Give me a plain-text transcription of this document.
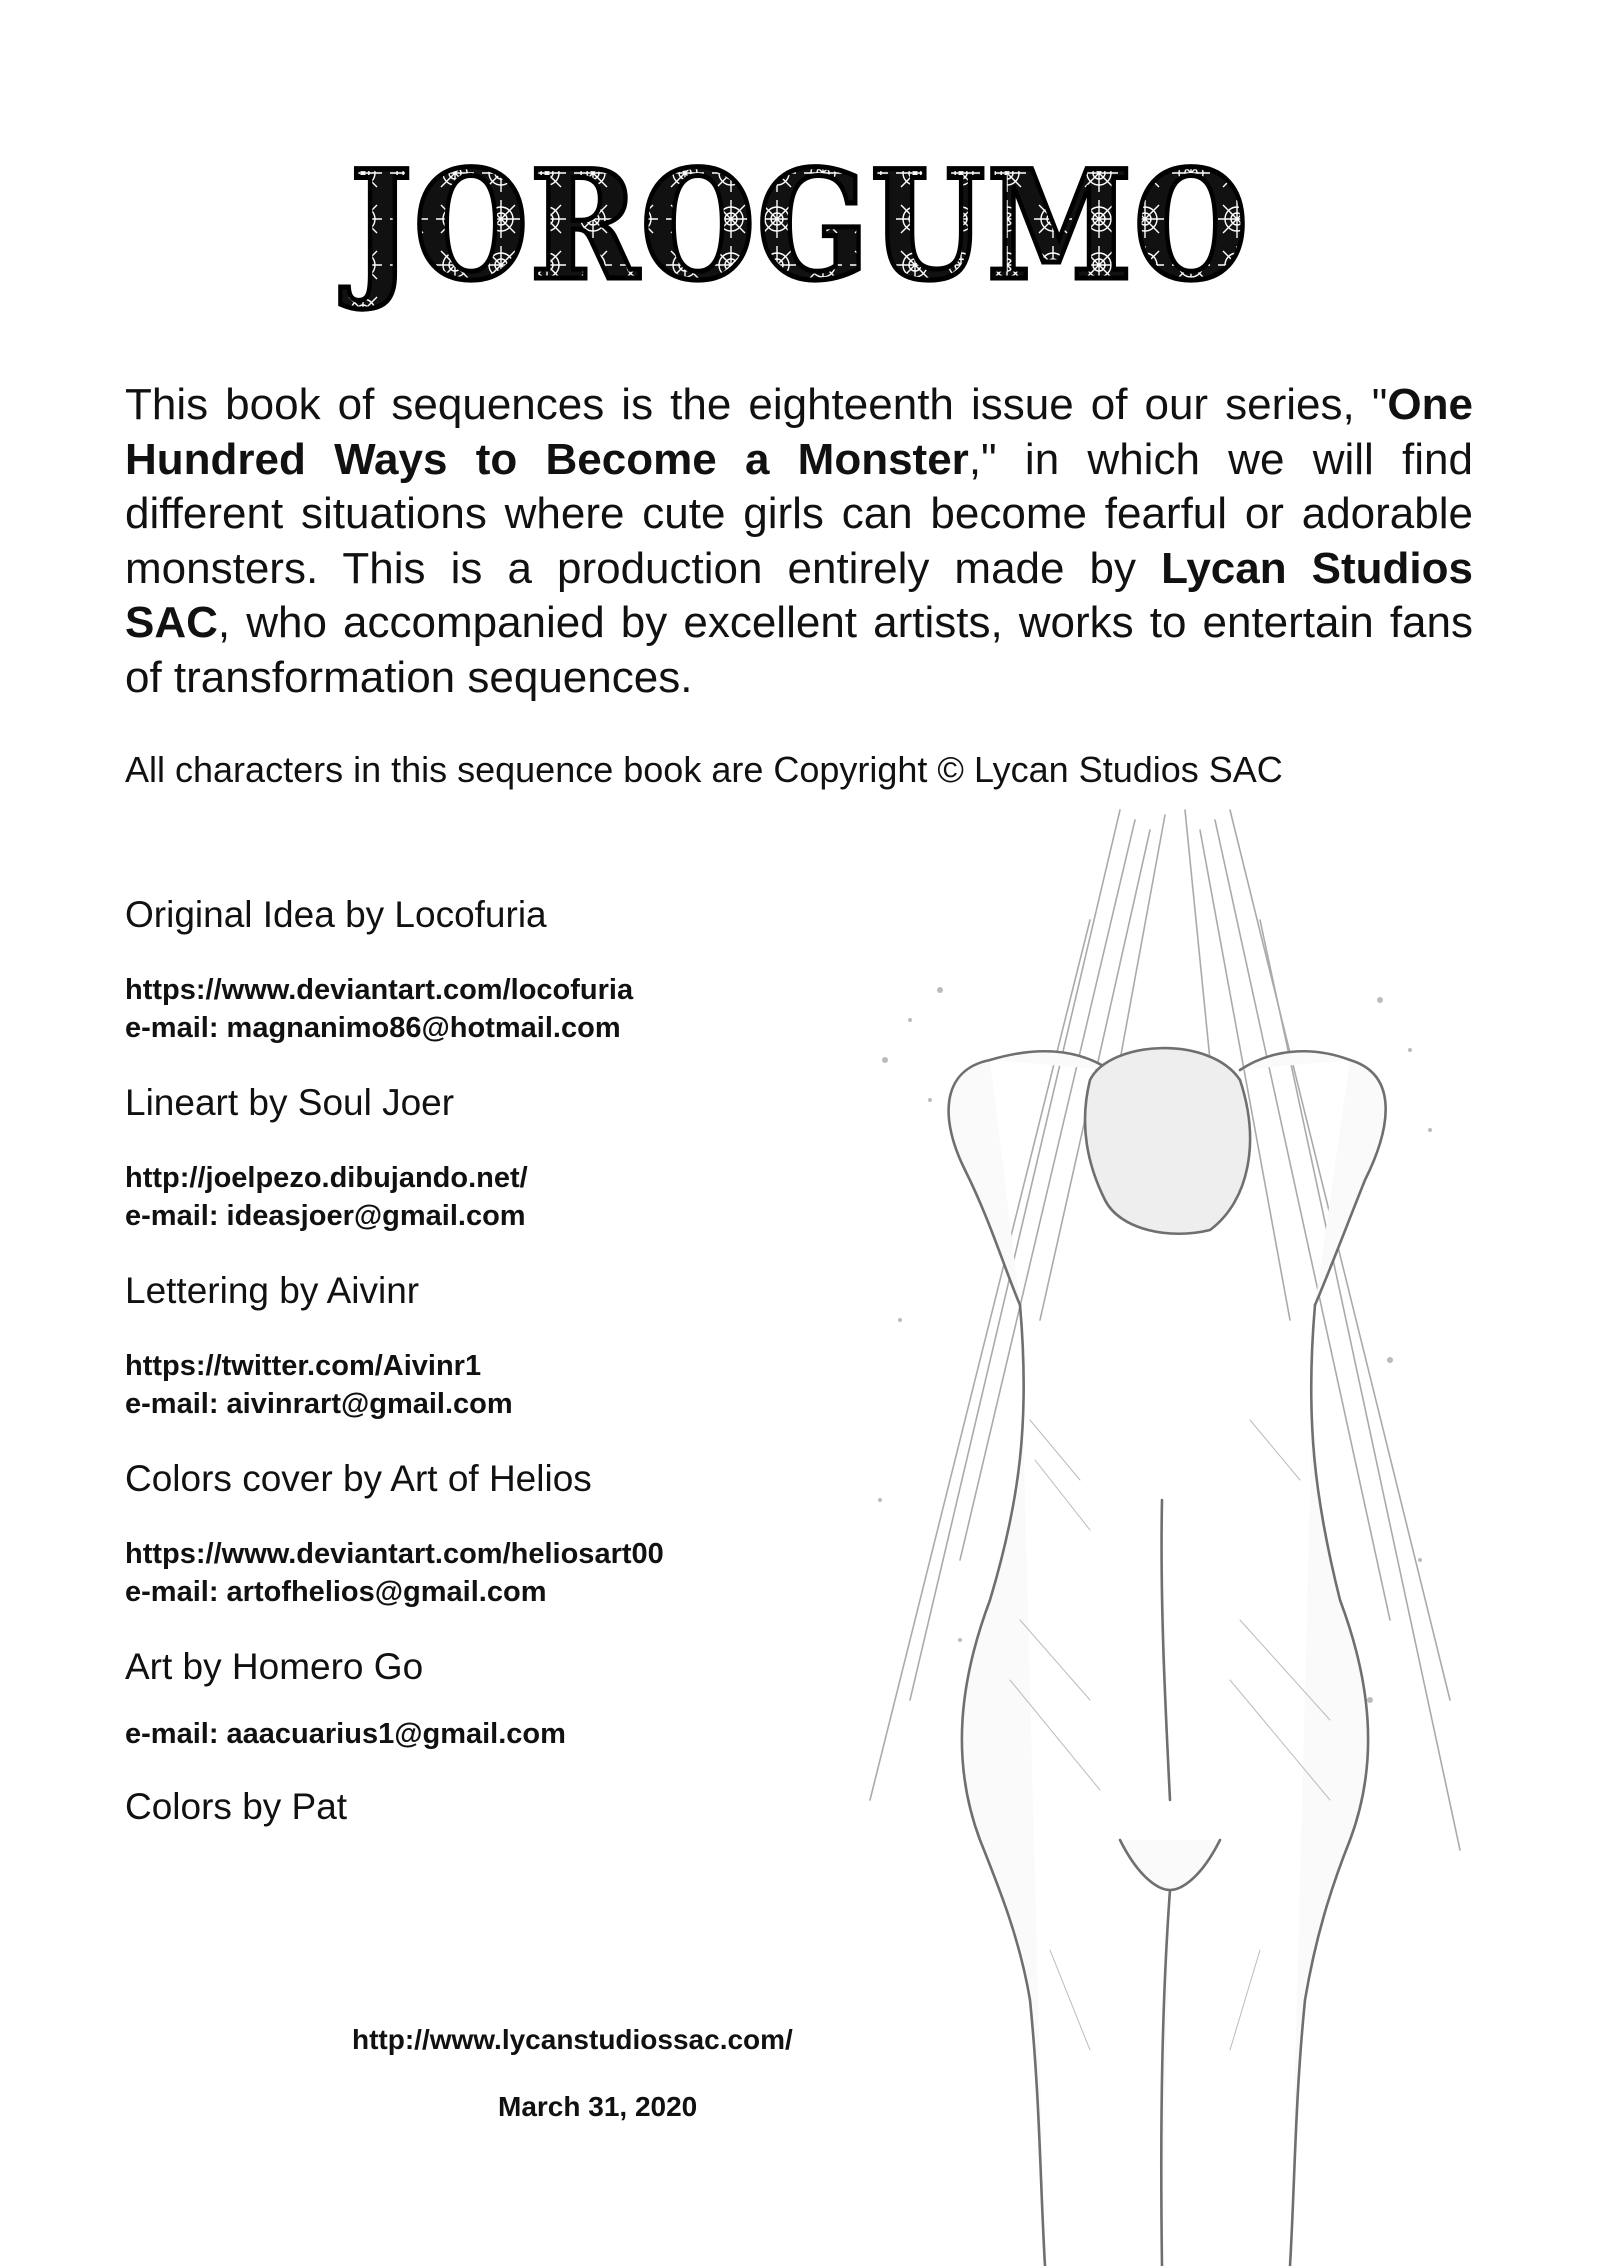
JOROGUMO

This book of sequences is the eighteenth issue of our series, "One Hundred Ways to Become a Monster," in which we will find different situations where cute girls can become fearful or adorable monsters. This is a production entirely made by Lycan Studios SAC, who accompanied by excellent artists, works to entertain fans of transformation sequences.

All characters in this sequence book are Copyright © Lycan Studios SAC
Original Idea by Locofuria
https://www.deviantart.com/locofuria
e-mail: magnanimo86@hotmail.com
Lineart by Soul Joer
http://joelpezo.dibujando.net/
e-mail: ideasjoer@gmail.com
Lettering by Aivinr
https://twitter.com/Aivinr1
e-mail: aivinrart@gmail.com
Colors cover by Art of Helios
https://www.deviantart.com/heliosart00
e-mail: artofhelios@gmail.com
Art by Homero Go
e-mail: aaacuarius1@gmail.com
Colors by Pat
http://www.lycanstudiossac.com/
March 31, 2020
